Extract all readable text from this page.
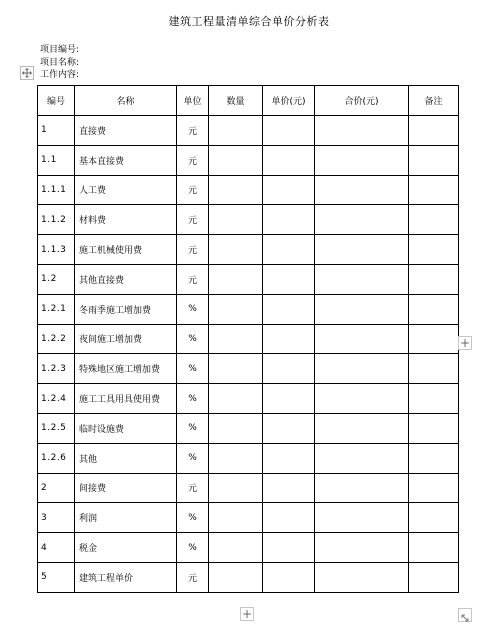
建筑工程量清单综合单价分析表
项目编号:
项目名称:
工作内容:
编号	名称	单位	数量	单价(元)	合价(元)	备注
1	直接费	元				
1.1	基本直接费	元				
1.1.1	人工费	元				
1.1.2	材料费	元				
1.1.3	施工机械使用费	元				
1.2	其他直接费	元				
1.2.1	冬雨季施工增加费	%				
1.2.2	夜间施工增加费	%				
1.2.3	特殊地区施工增加费	%				
1.2.4	施工工具用具使用费	%				
1.2.5	临时设施费	%				
1.2.6	其他	%				
2	间接费	元				
3	利润	%				
4	税金	%				
5	建筑工程单价	元				
+
+
